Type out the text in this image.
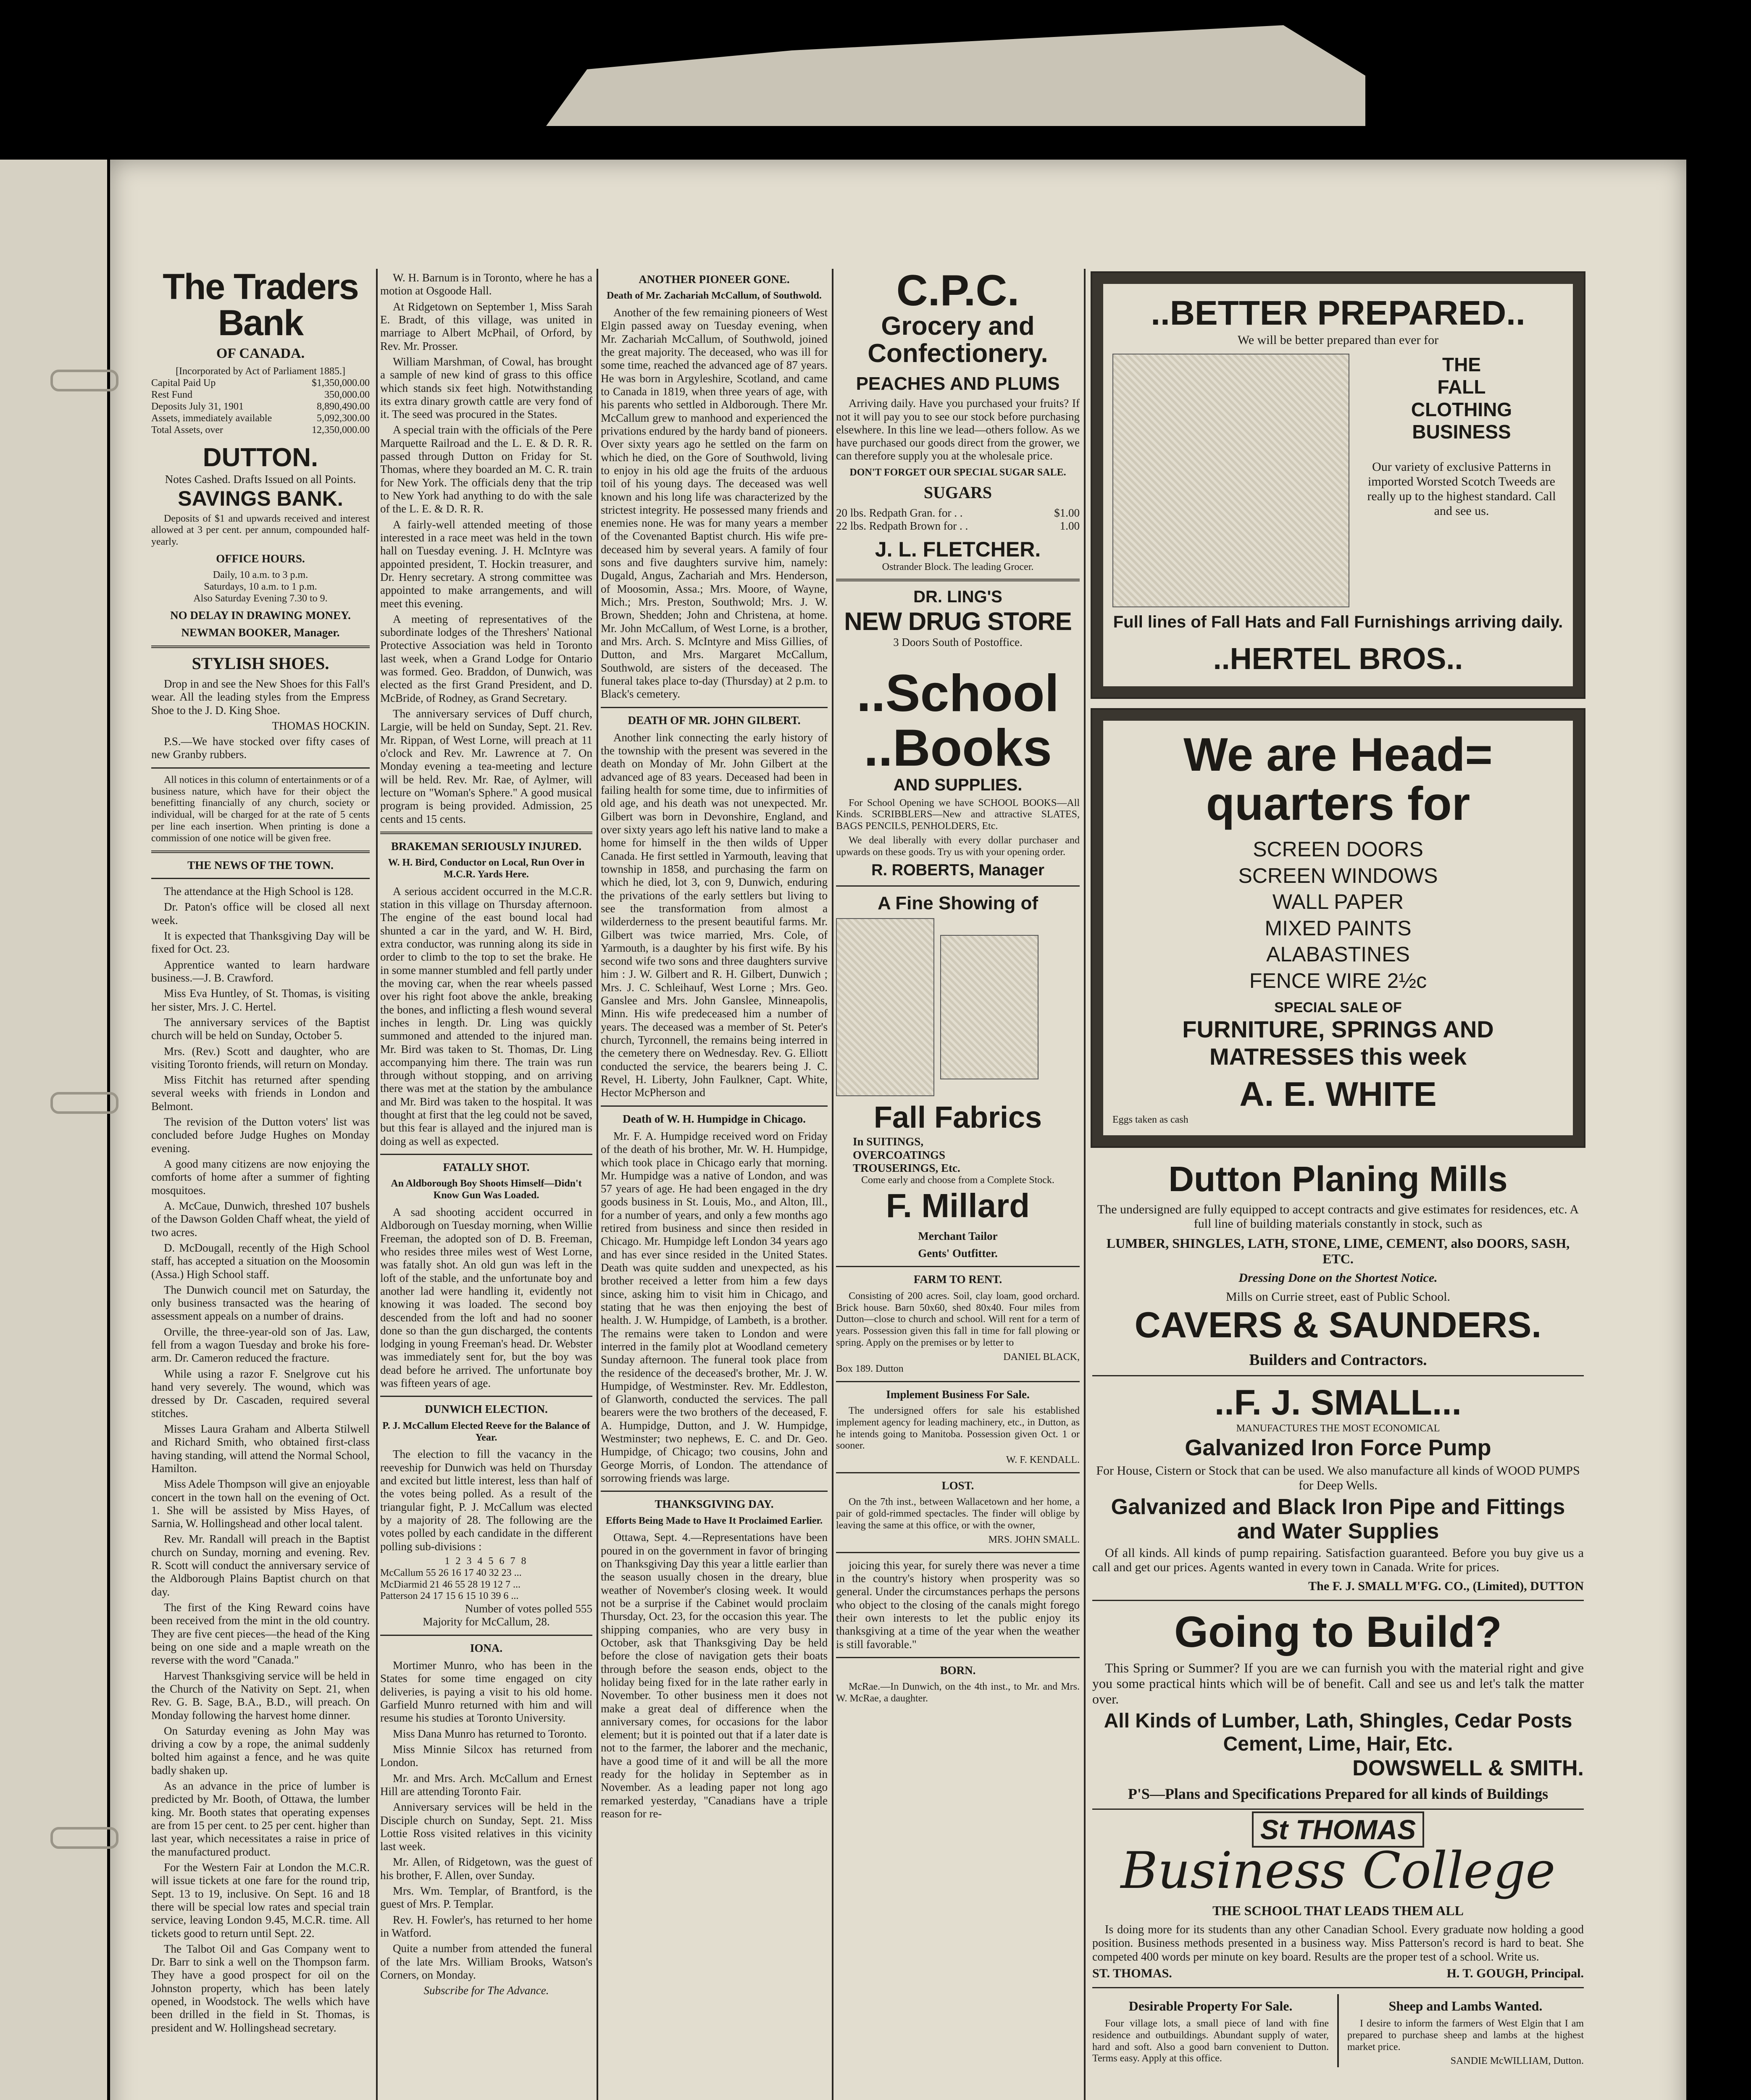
The Traders Bank
OF CANADA.
[Incorporated by Act of Parliament 1885.]
Capital Paid Up	$1,350,000.00
Rest Fund	350,000.00
Deposits July 31, 1901	8,890,490.00
Assets, immediately available	5,092,300.00
Total Assets, over	12,350,000.00
DUTTON.
Notes Cashed. Drafts Issued on all Points.
SAVINGS BANK.

Deposits of $1 and upwards received and interest allowed at 3 per cent. per annum, compounded half-yearly.

OFFICE HOURS.
Daily, 10 a.m. to 3 p.m.
Saturdays, 10 a.m. to 1 p.m.
Also Saturday Evening 7.30 to 9.
NO DELAY IN DRAWING MONEY.
NEWMAN BOOKER, Manager.
STYLISH SHOES.

Drop in and see the New Shoes for this Fall's wear. All the leading styles from the Empress Shoe to the J. D. King Shoe.

THOMAS HOCKIN.

P.S.—We have stocked over fifty cases of new Granby rubbers.

All notices in this column of entertainments or of a business nature, which have for their object the benefitting financially of any church, society or individual, will be charged for at the rate of 5 cents per line each insertion. When printing is done a commission of one notice will be given free.

THE NEWS OF THE TOWN.

The attendance at the High School is 128.

Dr. Paton's office will be closed all next week.

It is expected that Thanksgiving Day will be fixed for Oct. 23.

Apprentice wanted to learn hardware business.—J. B. Crawford.

Miss Eva Huntley, of St. Thomas, is visiting her sister, Mrs. J. C. Hertel.

The anniversary services of the Baptist church will be held on Sunday, October 5.

Mrs. (Rev.) Scott and daughter, who are visiting Toronto friends, will return on Monday.

Miss Fitchit has returned after spending several weeks with friends in London and Belmont.

The revision of the Dutton voters' list was concluded before Judge Hughes on Monday evening.

A good many citizens are now enjoying the comforts of home after a summer of fighting mosquitoes.

A. McCaue, Dunwich, threshed 107 bushels of the Dawson Golden Chaff wheat, the yield of two acres.

D. McDougall, recently of the High School staff, has accepted a situation on the Moosomin (Assa.) High School staff.

The Dunwich council met on Saturday, the only business transacted was the hearing of assessment appeals on a number of drains.

Orville, the three-year-old son of Jas. Law, fell from a wagon Tuesday and broke his fore-arm. Dr. Cameron reduced the fracture.

While using a razor F. Snelgrove cut his hand very severely. The wound, which was dressed by Dr. Cascaden, required several stitches.

Misses Laura Graham and Alberta Stilwell and Richard Smith, who obtained first-class having standing, will attend the Normal School, Hamilton.

Miss Adele Thompson will give an enjoyable concert in the town hall on the evening of Oct. 1. She will be assisted by Miss Hayes, of Sarnia, W. Hollingshead and other local talent.

Rev. Mr. Randall will preach in the Baptist church on Sunday, morning and evening. Rev. R. Scott will conduct the anniversary service of the Aldborough Plains Baptist church on that day.

The first of the King Reward coins have been received from the mint in the old country. They are five cent pieces—the head of the King being on one side and a maple wreath on the reverse with the word "Canada."

Harvest Thanksgiving service will be held in the Church of the Nativity on Sept. 21, when Rev. G. B. Sage, B.A., B.D., will preach. On Monday following the harvest home dinner.

On Saturday evening as John May was driving a cow by a rope, the animal suddenly bolted him against a fence, and he was quite badly shaken up.

As an advance in the price of lumber is predicted by Mr. Booth, of Ottawa, the lumber king. Mr. Booth states that operating expenses are from 15 per cent. to 25 per cent. higher than last year, which necessitates a raise in price of the manufactured product.

For the Western Fair at London the M.C.R. will issue tickets at one fare for the round trip, Sept. 13 to 19, inclusive. On Sept. 16 and 18 there will be special low rates and special train service, leaving London 9.45, M.C.R. time. All tickets good to return until Sept. 22.

The Talbot Oil and Gas Company went to Dr. Barr to sink a well on the Thompson farm. They have a good prospect for oil on the Johnston property, which has been lately opened, in Woodstock. The wells which have been drilled in the field in St. Thomas, is president and W. Hollingshead secretary.

W. H. Barnum is in Toronto, where he has a motion at Osgoode Hall.

At Ridgetown on September 1, Miss Sarah E. Bradt, of this village, was united in marriage to Albert McPhail, of Orford, by Rev. Mr. Prosser.

William Marshman, of Cowal, has brought a sample of new kind of grass to this office which stands six feet high. Notwithstanding its extra dinary growth cattle are very fond of it. The seed was procured in the States.

A special train with the officials of the Pere Marquette Railroad and the L. E. & D. R. R. passed through Dutton on Friday for St. Thomas, where they boarded an M. C. R. train for New York. The officials deny that the trip to New York had anything to do with the sale of the L. E. & D. R. R.

A fairly-well attended meeting of those interested in a race meet was held in the town hall on Tuesday evening. J. H. McIntyre was appointed president, T. Hockin treasurer, and Dr. Henry secretary. A strong committee was appointed to make arrangements, and will meet this evening.

A meeting of representatives of the subordinate lodges of the Threshers' National Protective Association was held in Toronto last week, when a Grand Lodge for Ontario was formed. Geo. Braddon, of Dunwich, was elected as the first Grand President, and D. McBride, of Rodney, as Grand Secretary.

The anniversary services of Duff church, Largie, will be held on Sunday, Sept. 21. Rev. Mr. Rippan, of West Lorne, will preach at 11 o'clock and Rev. Mr. Lawrence at 7. On Monday evening a tea-meeting and lecture will be held. Rev. Mr. Rae, of Aylmer, will lecture on "Woman's Sphere." A good musical program is being provided. Admission, 25 cents and 15 cents.

BRAKEMAN SERIOUSLY INJURED.
W. H. Bird, Conductor on Local, Run Over in M.C.R. Yards Here.

A serious accident occurred in the M.C.R. station in this village on Thursday afternoon. The engine of the east bound local had shunted a car in the yard, and W. H. Bird, extra conductor, was running along its side in order to climb to the top to set the brake. He in some manner stumbled and fell partly under the moving car, when the rear wheels passed over his right foot above the ankle, breaking the bones, and inflicting a flesh wound several inches in length. Dr. Ling was quickly summoned and attended to the injured man. Mr. Bird was taken to St. Thomas, Dr. Ling accompanying him there. The train was run through without stopping, and on arriving there was met at the station by the ambulance and Mr. Bird was taken to the hospital. It was thought at first that the leg could not be saved, but this fear is allayed and the injured man is doing as well as expected.

FATALLY SHOT.
An Aldborough Boy Shoots Himself—Didn't Know Gun Was Loaded.

A sad shooting accident occurred in Aldborough on Tuesday morning, when Willie Freeman, the adopted son of D. B. Freeman, who resides three miles west of West Lorne, was fatally shot. An old gun was left in the loft of the stable, and the unfortunate boy and another lad were handling it, evidently not knowing it was loaded. The second boy descended from the loft and had no sooner done so than the gun discharged, the contents lodging in young Freeman's head. Dr. Webster was immediately sent for, but the boy was dead before he arrived. The unfortunate boy was fifteen years of age.

DUNWICH ELECTION.
P. J. McCallum Elected Reeve for the Balance of Year.

The election to fill the vacancy in the reeveship for Dunwich was held on Thursday and excited but little interest, less than half of the votes being polled. As a result of the triangular fight, P. J. McCallum was elected by a majority of 28. The following are the votes polled by each candidate in the different polling sub-divisions :

1 2 3 4 5 6 7 8
McCallum 55 26 16 17 40 32 23 ...
McDiarmid 21 46 55 28 19 12 7 ...
Patterson 24 17 15 6 15 10 39 6 ...
Number of votes polled 555
Majority for McCallum, 28.
IONA.

Mortimer Munro, who has been in the States for some time engaged on city deliveries, is paying a visit to his old home. Garfield Munro returned with him and will resume his studies at Toronto University.

Miss Dana Munro has returned to Toronto.

Miss Minnie Silcox has returned from London.

Mr. and Mrs. Arch. McCallum and Ernest Hill are attending Toronto Fair.

Anniversary services will be held in the Disciple church on Sunday, Sept. 21. Miss Lottie Ross visited relatives in this vicinity last week.

Mr. Allen, of Ridgetown, was the guest of his brother, F. Allen, over Sunday.

Mrs. Wm. Templar, of Brantford, is the guest of Mrs. P. Templar.

Rev. H. Fowler's, has returned to her home in Watford.

Quite a number from attended the funeral of the late Mrs. William Brooks, Watson's Corners, on Monday.

Subscribe for The Advance.
ANOTHER PIONEER GONE.
Death of Mr. Zachariah McCallum, of Southwold.

Another of the few remaining pioneers of West Elgin passed away on Tuesday evening, when Mr. Zachariah McCallum, of Southwold, joined the great majority. The deceased, who was ill for some time, reached the advanced age of 87 years. He was born in Argyleshire, Scotland, and came to Canada in 1819, when three years of age, with his parents who settled in Aldborough. There Mr. McCallum grew to manhood and experienced the privations endured by the hardy band of pioneers. Over sixty years ago he settled on the farm on which he died, on the Gore of Southwold, living to enjoy in his old age the fruits of the arduous toil of his young days. The deceased was well known and his long life was characterized by the strictest integrity. He possessed many friends and enemies none. He was for many years a member of the Covenanted Baptist church. His wife pre-deceased him by several years. A family of four sons and five daughters survive him, namely: Dugald, Angus, Zachariah and Mrs. Henderson, of Moosomin, Assa.; Mrs. Moore, of Wayne, Mich.; Mrs. Preston, Southwold; Mrs. J. W. Brown, Shedden; John and Christena, at home. Mr. John McCallum, of West Lorne, is a brother, and Mrs. Arch. S. McIntyre and Miss Gillies, of Dutton, and Mrs. Margaret McCallum, Southwold, are sisters of the deceased. The funeral takes place to-day (Thursday) at 2 p.m. to Black's cemetery.

DEATH OF MR. JOHN GILBERT.

Another link connecting the early history of the township with the present was severed in the death on Monday of Mr. John Gilbert at the advanced age of 83 years. Deceased had been in failing health for some time, due to infirmities of old age, and his death was not unexpected. Mr. Gilbert was born in Devonshire, England, and over sixty years ago left his native land to make a home for himself in the then wilds of Upper Canada. He first settled in Yarmouth, leaving that township in 1858, and purchasing the farm on which he died, lot 3, con 9, Dunwich, enduring the privations of the early settlers but living to see the transformation from almost a wilderderness to the present beautiful farms. Mr. Gilbert was twice married, Mrs. Cole, of Yarmouth, is a daughter by his first wife. By his second wife two sons and three daughters survive him : J. W. Gilbert and R. H. Gilbert, Dunwich ; Mrs. J. C. Schleihauf, West Lorne ; Mrs. Geo. Ganslee and Mrs. John Ganslee, Minneapolis, Minn. His wife predeceased him a number of years. The deceased was a member of St. Peter's church, Tyrconnell, the remains being interred in the cemetery there on Wednesday. Rev. G. Elliott conducted the service, the bearers being J. C. Revel, H. Liberty, John Faulkner, Capt. White, Hector McPherson and

Death of W. H. Humpidge in Chicago.

Mr. F. A. Humpidge received word on Friday of the death of his brother, Mr. W. H. Humpidge, which took place in Chicago early that morning. Mr. Humpidge was a native of London, and was 57 years of age. He had been engaged in the dry goods business in St. Louis, Mo., and Alton, Ill., for a number of years, and only a few months ago retired from business and since then resided in Chicago. Mr. Humpidge left London 34 years ago and has ever since resided in the United States. Death was quite sudden and unexpected, as his brother received a letter from him a few days since, asking him to visit him in Chicago, and stating that he was then enjoying the best of health. J. W. Humpidge, of Lambeth, is a brother. The remains were taken to London and were interred in the family plot at Woodland cemetery Sunday afternoon. The funeral took place from the residence of the deceased's brother, Mr. J. W. Humpidge, of Westminster. Rev. Mr. Eddleston, of Glanworth, conducted the services. The pall bearers were the two brothers of the deceased, F. A. Humpidge, Dutton, and J. W. Humpidge, Westminster; two nephews, E. C. and Dr. Geo. Humpidge, of Chicago; two cousins, John and George Morris, of London. The attendance of sorrowing friends was large.

THANKSGIVING DAY.
Efforts Being Made to Have It Proclaimed Earlier.

Ottawa, Sept. 4.—Representations have been poured in on the government in favor of bringing on Thanksgiving Day this year a little earlier than the season usually chosen in the dreary, blue weather of November's closing week. It would not be a surprise if the Cabinet would proclaim Thursday, Oct. 23, for the occasion this year. The shipping companies, who are very busy in October, ask that Thanksgiving Day be held before the close of navigation gets their boats through before the season ends, object to the holiday being fixed for in the late rather early in November. To other business men it does not make a great deal of difference when the anniversary comes, for occasions for the labor element; but it is pointed out that if a later date is not to the farmer, the laborer and the mechanic, have a good time of it and will be all the more ready for the holiday in September as in November. As a leading paper not long ago remarked yesterday, "Canadians have a triple reason for re-

C.P.C.
Grocery and
Confectionery.
PEACHES AND PLUMS

Arriving daily. Have you purchased your fruits? If not it will pay you to see our stock before purchasing elsewhere. In this line we lead—others follow. As we have purchased our goods direct from the grower, we can therefore supply you at the wholesale price.

DON'T FORGET OUR SPECIAL SUGAR SALE.
SUGARS
20 lbs. Redpath Gran. for . .	$1.00
22 lbs. Redpath Brown for . .	1.00
J. L. FLETCHER.
Ostrander Block. The leading Grocer.
DR. LING'S
NEW DRUG STORE
3 Doors South of Postoffice.
..School
..Books
AND SUPPLIES.

For School Opening we have SCHOOL BOOKS—All Kinds. SCRIBBLERS—New and attractive SLATES, BAGS PENCILS, PENHOLDERS, Etc.

We deal liberally with every dollar purchaser and upwards on these goods. Try us with your opening order.

R. ROBERTS, Manager
A Fine Showing of
Fall Fabrics
In SUITINGS,
OVERCOATINGS
TROUSERINGS, Etc.
Come early and choose from a Complete Stock.
F. Millard
Merchant Tailor
Gents' Outfitter.
FARM TO RENT.

Consisting of 200 acres. Soil, clay loam, good orchard. Brick house. Barn 50x60, shed 80x40. Four miles from Dutton—close to church and school. Will rent for a term of years. Possession given this fall in time for fall plowing or spring. Apply on the premises or by letter to

DANIEL BLACK,
Box 189. Dutton
Implement Business For Sale.

The undersigned offers for sale his established implement agency for leading machinery, etc., in Dutton, as he intends going to Manitoba. Possession given Oct. 1 or sooner.

W. F. KENDALL.
LOST.

On the 7th inst., between Wallacetown and her home, a pair of gold-rimmed spectacles. The finder will oblige by leaving the same at this office, or with the owner,

MRS. JOHN SMALL.

joicing this year, for surely there was never a time in the country's history when prosperity was so general. Under the circumstances perhaps the persons who object to the closing of the canals might forego their own interests to let the public enjoy its thanksgiving at a time of the year when the weather is still favorable."

BORN.

McRae.—In Dunwich, on the 4th inst., to Mr. and Mrs. W. McRae, a daughter.

..BETTER PREPARED..
We will be better prepared than ever for
THE
FALL
CLOTHING
BUSINESS

Our variety of exclusive Patterns in imported Worsted Scotch Tweeds are really up to the highest standard. Call and see us.

Full lines of Fall Hats and Fall Furnishings arriving daily.
..HERTEL BROS..
We are Head=
quarters for
SCREEN DOORS
SCREEN WINDOWS
WALL PAPER
MIXED PAINTS
ALABASTINES
FENCE WIRE 2½c
SPECIAL SALE OF
FURNITURE, SPRINGS AND MATRESSES this week
A. E. WHITE
Eggs taken as cash
Dutton Planing Mills

The undersigned are fully equipped to accept contracts and give estimates for residences, etc. A full line of building materials constantly in stock, such as

LUMBER, SHINGLES, LATH, STONE, LIME, CEMENT, also DOORS, SASH, ETC.
Dressing Done on the Shortest Notice.
Mills on Currie street, east of Public School.
CAVERS & SAUNDERS.
Builders and Contractors.
..F. J. SMALL...
MANUFACTURES THE MOST ECONOMICAL
Galvanized Iron Force Pump

For House, Cistern or Stock that can be used. We also manufacture all kinds of WOOD PUMPS for Deep Wells.

Galvanized and Black Iron Pipe and Fittings and Water Supplies

Of all kinds. All kinds of pump repairing. Satisfaction guaranteed. Before you buy give us a call and get our prices. Agents wanted in every town in Canada. Write for prices.

The F. J. SMALL M'FG. CO., (Limited), DUTTON
Going to Build?

This Spring or Summer? If you are we can furnish you with the material right and give you some practical hints which will be of benefit. Call and see us and let's talk the matter over.

All Kinds of Lumber, Lath, Shingles, Cedar Posts Cement, Lime, Hair, Etc.
DOWSWELL & SMITH.
P'S—Plans and Specifications Prepared for all kinds of Buildings
St THOMAS
Business College
THE SCHOOL THAT LEADS THEM ALL

Is doing more for its students than any other Canadian School. Every graduate now holding a good position. Business methods presented in a business way. Miss Patterson's record is hard to beat. She competed 400 words per minute on key board. Results are the proper test of a school. Write us.

ST. THOMAS.	H. T. GOUGH, Principal.
Desirable Property For Sale.

Four village lots, a small piece of land with fine residence and outbuildings. Abundant supply of water, hard and soft. Also a good barn convenient to Dutton. Terms easy. Apply at this office.

Sheep and Lambs Wanted.

I desire to inform the farmers of West Elgin that I am prepared to purchase sheep and lambs at the highest market price.

SANDIE McWILLIAM, Dutton.
